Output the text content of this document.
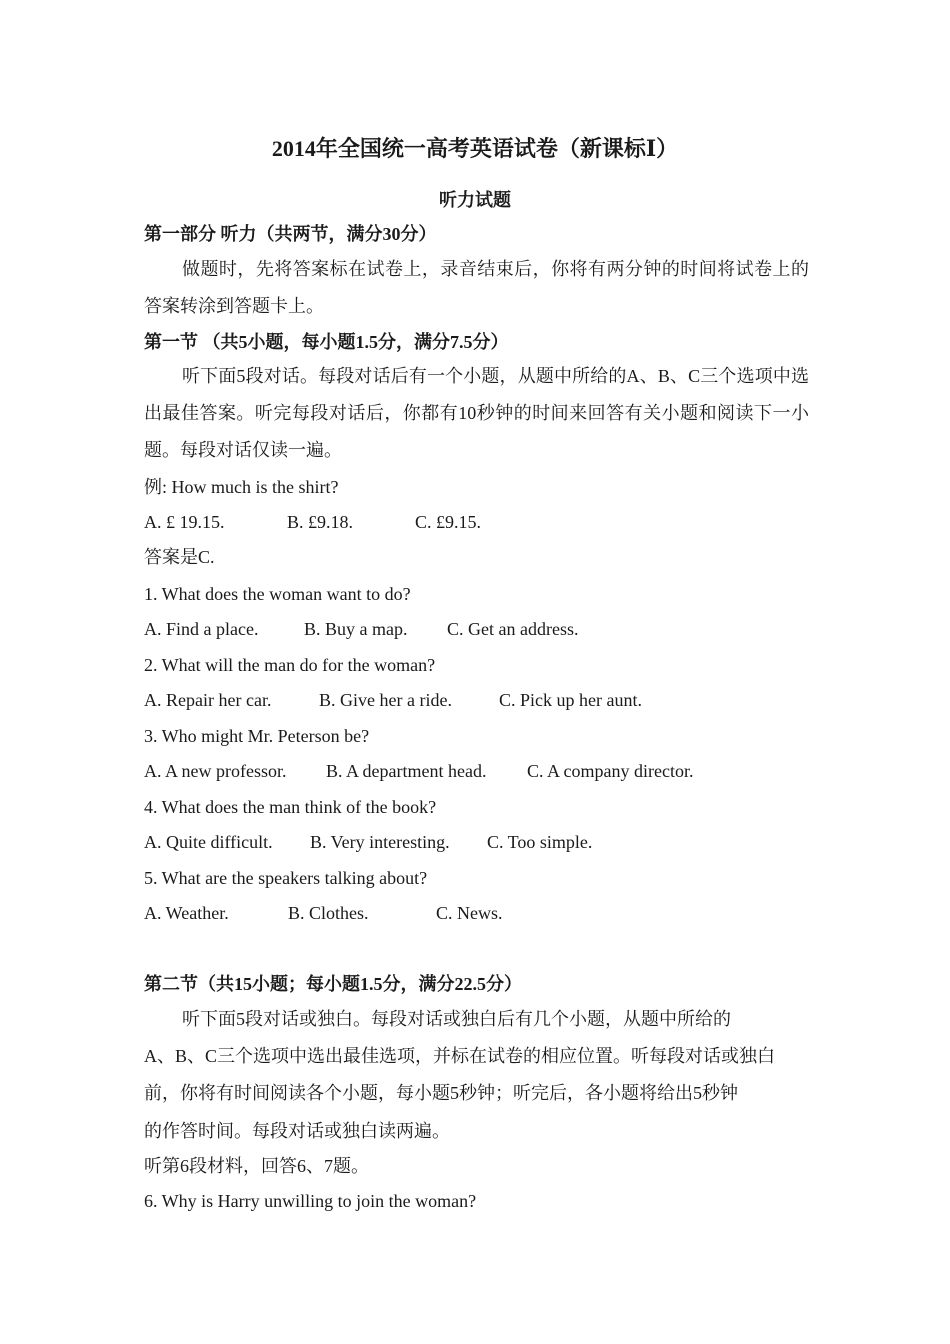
2014年全国统一高考英语试卷（新课标Ⅰ）
听力试题
第一部分 听力（共两节，满分30分）
做题时，先将答案标在试卷上，录音结束后，你将有两分钟的时间将试卷上的答案转涂到答题卡上。
第一节 （共5小题，每小题1.5分，满分7.5分）
听下面5段对话。每段对话后有一个小题，从题中所给的A、B、C三个选项中选出最佳答案。听完每段对话后，你都有10秒钟的时间来回答有关小题和阅读下一小题。每段对话仅读一遍。
例: How much is the shirt?
A. £ 19.15.	B. £9.18.	C. £9.15.
答案是C.
1. What does the woman want to do?
A. Find a place.	B. Buy a map. C. Get an address.
2. What will the man do for the woman?
A. Repair her car.	B. Give her a ride.	C. Pick up her aunt.
3. Who might Mr. Peterson be?
A. A new professor. B. A department head. C. A company director.
4. What does the man think of the book?
A. Quite difficult. B. Very interesting. C. Too simple.
5. What are the speakers talking about?
A. Weather.	B. Clothes.	C. News.
第二节（共15小题；每小题1.5分，满分22.5分）
听下面5段对话或独白。每段对话或独白后有几个小题，从题中所给的
A、B、C三个选项中选出最佳选项，并标在试卷的相应位置。听每段对话或独白
前，你将有时间阅读各个小题，每小题5秒钟；听完后，各小题将给出5秒钟
的作答时间。每段对话或独白读两遍。
听第6段材料，回答6、7题。
6. Why is Harry unwilling to join the woman?
